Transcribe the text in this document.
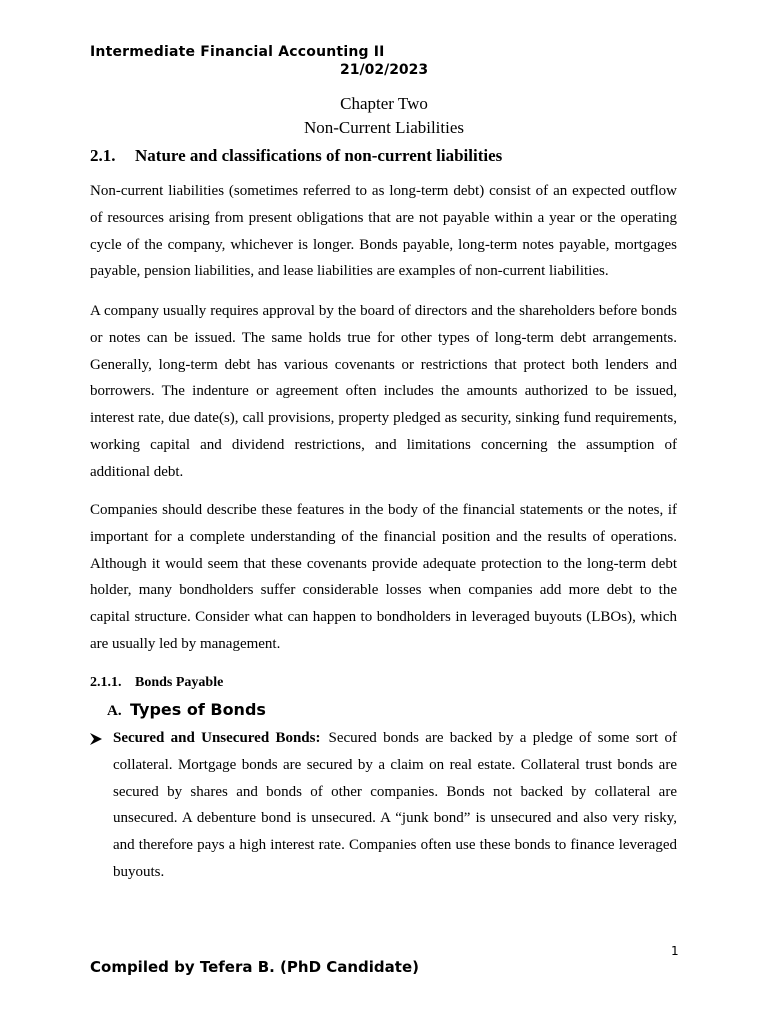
Intermediate Financial Accounting II
21/02/2023
Chapter Two
Non-Current Liabilities
2.1. Nature and classifications of non-current liabilities

Non-current liabilities (sometimes referred to as long-term debt) consist of an expected outflow of resources arising from present obligations that are not payable within a year or the operating cycle of the company, whichever is longer. Bonds payable, long-term notes payable, mortgages payable, pension liabilities, and lease liabilities are examples of non-current liabilities.

A company usually requires approval by the board of directors and the shareholders before bonds or notes can be issued. The same holds true for other types of long-term debt arrangements. Generally, long-term debt has various covenants or restrictions that protect both lenders and borrowers. The indenture or agreement often includes the amounts authorized to be issued, interest rate, due date(s), call provisions, property pledged as security, sinking fund requirements, working capital and dividend restrictions, and limitations concerning the assumption of additional debt.

Companies should describe these features in the body of the financial statements or the notes, if important for a complete understanding of the financial position and the results of operations. Although it would seem that these covenants provide adequate protection to the long-term debt holder, many bondholders suffer considerable losses when companies add more debt to the capital structure. Consider what can happen to bondholders in leveraged buyouts (LBOs), which are usually led by management.

2.1.1. Bonds Payable
A. Types of Bonds

Secured and Unsecured Bonds: Secured bonds are backed by a pledge of some sort of collateral. Mortgage bonds are secured by a claim on real estate. Collateral trust bonds are secured by shares and bonds of other companies. Bonds not backed by collateral are unsecured. A debenture bond is unsecured. A “junk bond” is unsecured and also very risky, and therefore pays a high interest rate. Companies often use these bonds to finance leveraged buyouts.

1
Compiled by Tefera B. (PhD Candidate)
